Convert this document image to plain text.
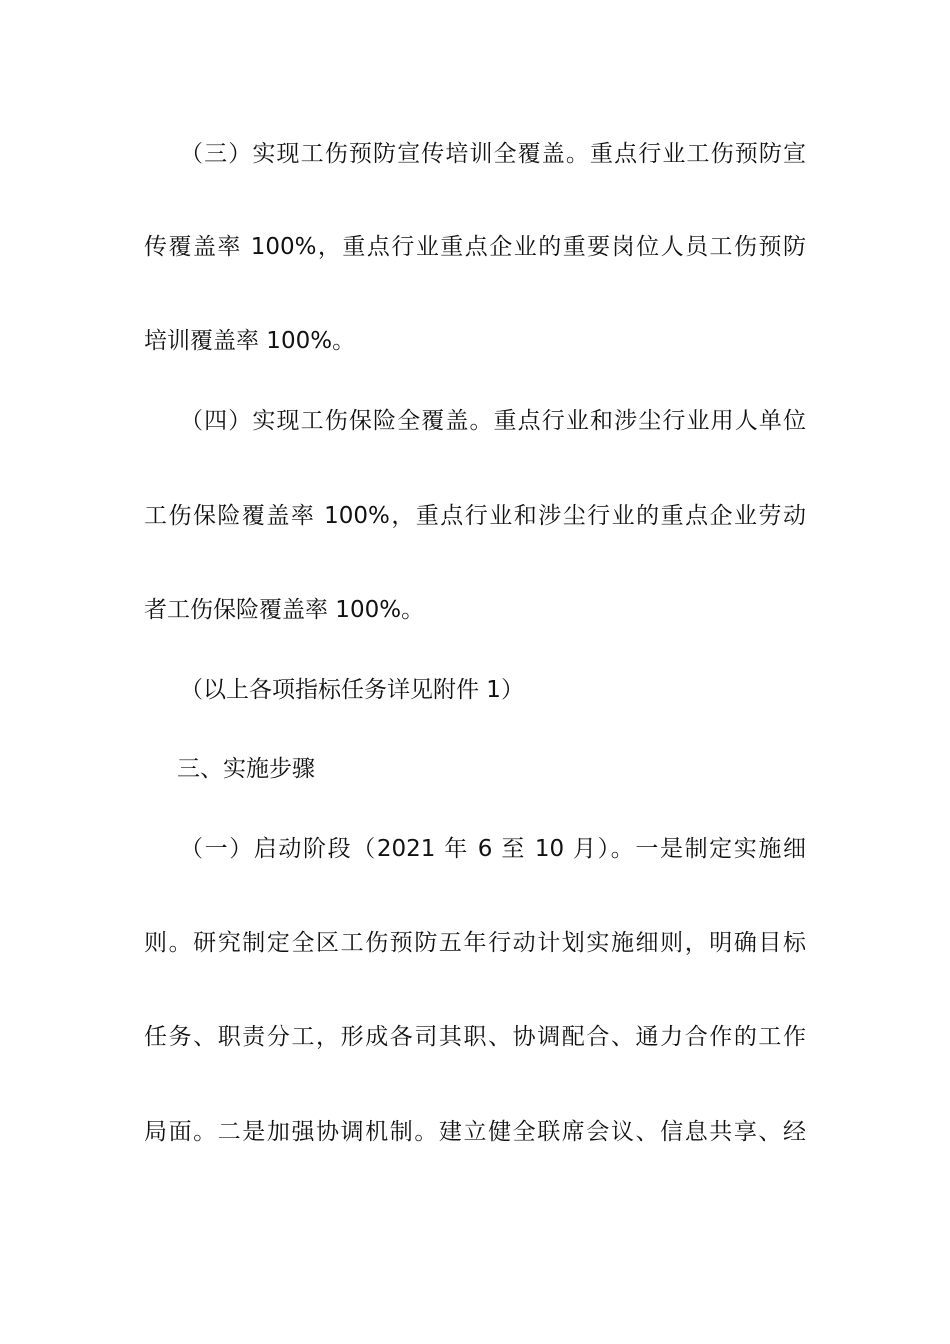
（三）实现工伤预防宣传培训全覆盖。重点行业工伤预防宣
传覆盖率 100%，重点行业重点企业的重要岗位人员工伤预防
培训覆盖率 100%。
（四）实现工伤保险全覆盖。重点行业和涉尘行业用人单位
工伤保险覆盖率 100%，重点行业和涉尘行业的重点企业劳动
者工伤保险覆盖率 100%。
（以上各项指标任务详见附件 1）
三、实施步骤
（一）启动阶段（2021 年 6 至 10 月）。一是制定实施细
则。研究制定全区工伤预防五年行动计划实施细则，明确目标
任务、职责分工，形成各司其职、协调配合、通力合作的工作
局面。二是加强协调机制。建立健全联席会议、信息共享、经
